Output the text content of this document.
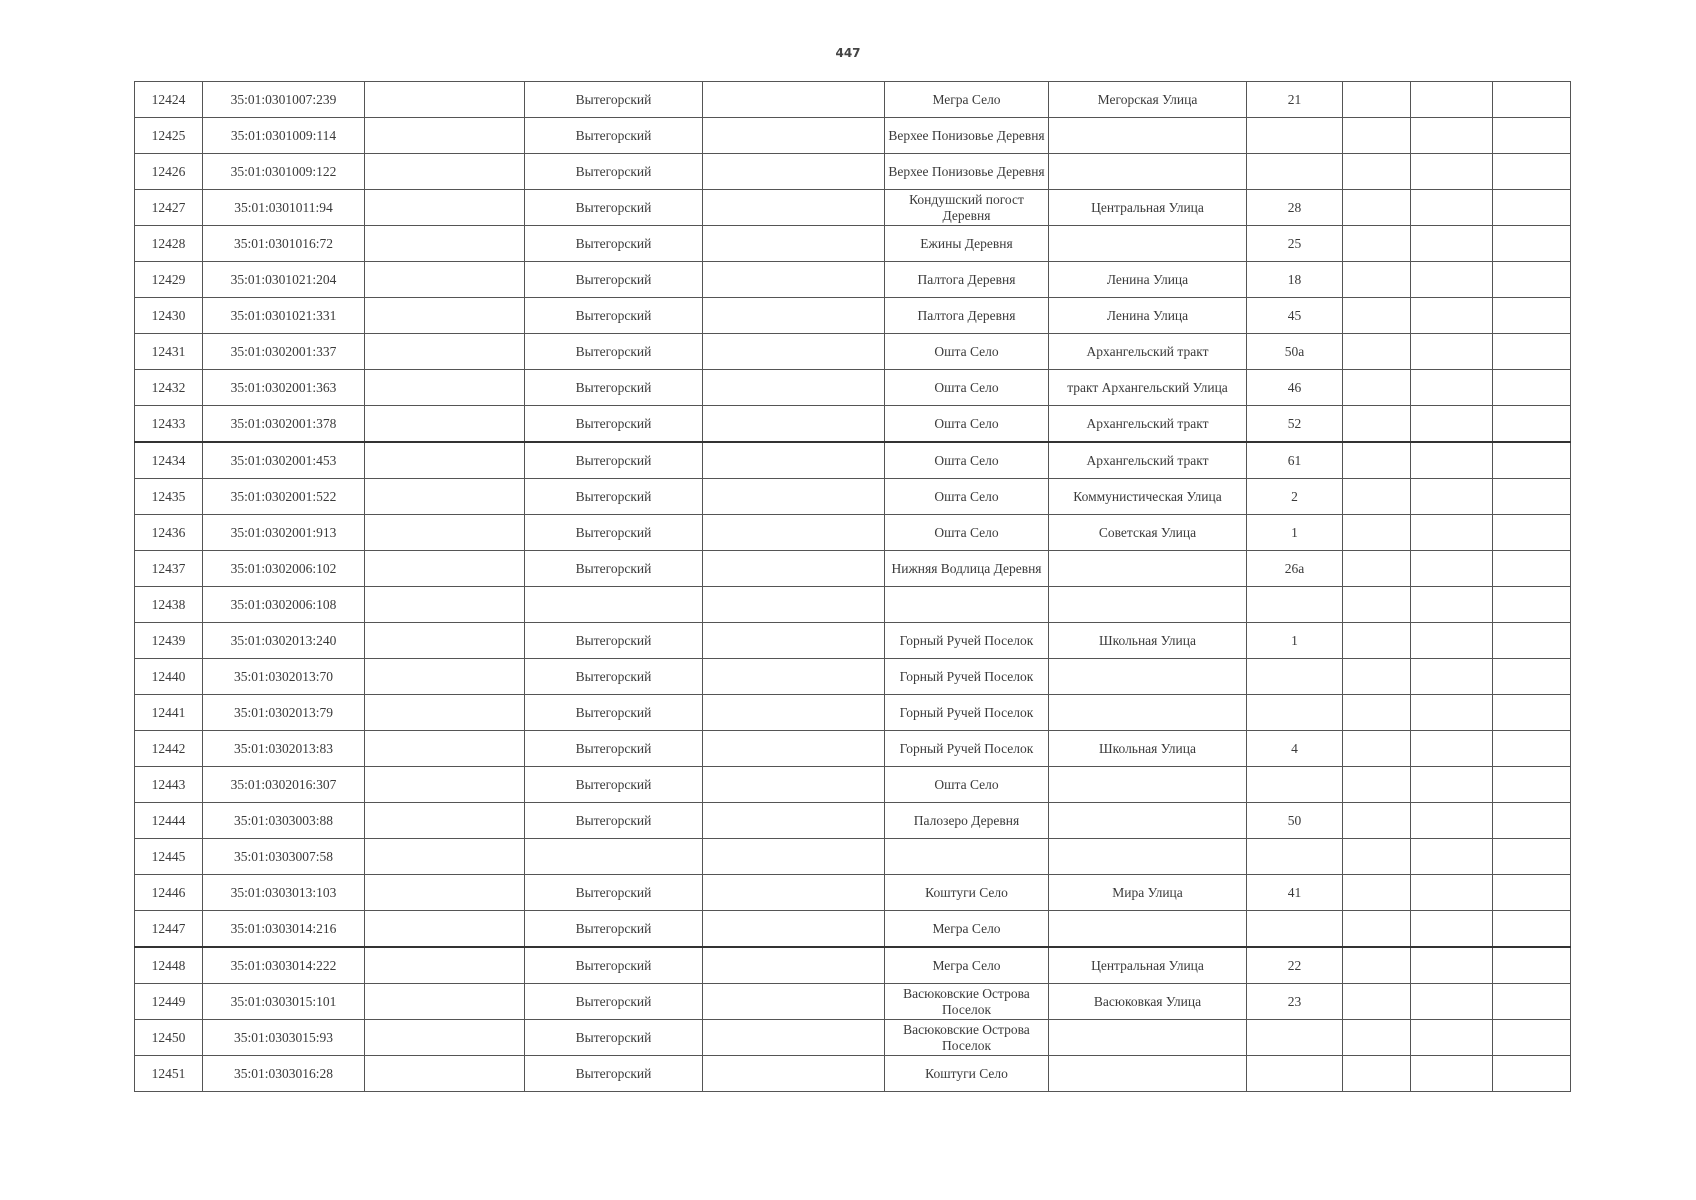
447
12424	35:01:0301007:239		Вытегорский		Мегра Село	Мегорская Улица	21			
12425	35:01:0301009:114		Вытегорский		Верхее Понизовье Деревня					
12426	35:01:0301009:122		Вытегорский		Верхее Понизовье Деревня					
12427	35:01:0301011:94		Вытегорский		Кондушский погост Деревня	Центральная Улица	28			
12428	35:01:0301016:72		Вытегорский		Ежины Деревня		25			
12429	35:01:0301021:204		Вытегорский		Палтога Деревня	Ленина Улица	18			
12430	35:01:0301021:331		Вытегорский		Палтога Деревня	Ленина Улица	45			
12431	35:01:0302001:337		Вытегорский		Ошта Село	Архангельский тракт	50а			
12432	35:01:0302001:363		Вытегорский		Ошта Село	тракт Архангельский Улица	46			
12433	35:01:0302001:378		Вытегорский		Ошта Село	Архангельский тракт	52			
12434	35:01:0302001:453		Вытегорский		Ошта Село	Архангельский тракт	61			
12435	35:01:0302001:522		Вытегорский		Ошта Село	Коммунистическая Улица	2			
12436	35:01:0302001:913		Вытегорский		Ошта Село	Советская Улица	1			
12437	35:01:0302006:102		Вытегорский		Нижняя Водлица Деревня		26а			
12438	35:01:0302006:108									
12439	35:01:0302013:240		Вытегорский		Горный Ручей Поселок	Школьная Улица	1			
12440	35:01:0302013:70		Вытегорский		Горный Ручей Поселок					
12441	35:01:0302013:79		Вытегорский		Горный Ручей Поселок					
12442	35:01:0302013:83		Вытегорский		Горный Ручей Поселок	Школьная Улица	4			
12443	35:01:0302016:307		Вытегорский		Ошта Село					
12444	35:01:0303003:88		Вытегорский		Палозеро Деревня		50			
12445	35:01:0303007:58									
12446	35:01:0303013:103		Вытегорский		Коштуги Село	Мира Улица	41			
12447	35:01:0303014:216		Вытегорский		Мегра Село					
12448	35:01:0303014:222		Вытегорский		Мегра Село	Центральная Улица	22			
12449	35:01:0303015:101		Вытегорский		Васюковские Острова Поселок	Васюковкая Улица	23			
12450	35:01:0303015:93		Вытегорский		Васюковские Острова Поселок					
12451	35:01:0303016:28		Вытегорский		Коштуги Село					
